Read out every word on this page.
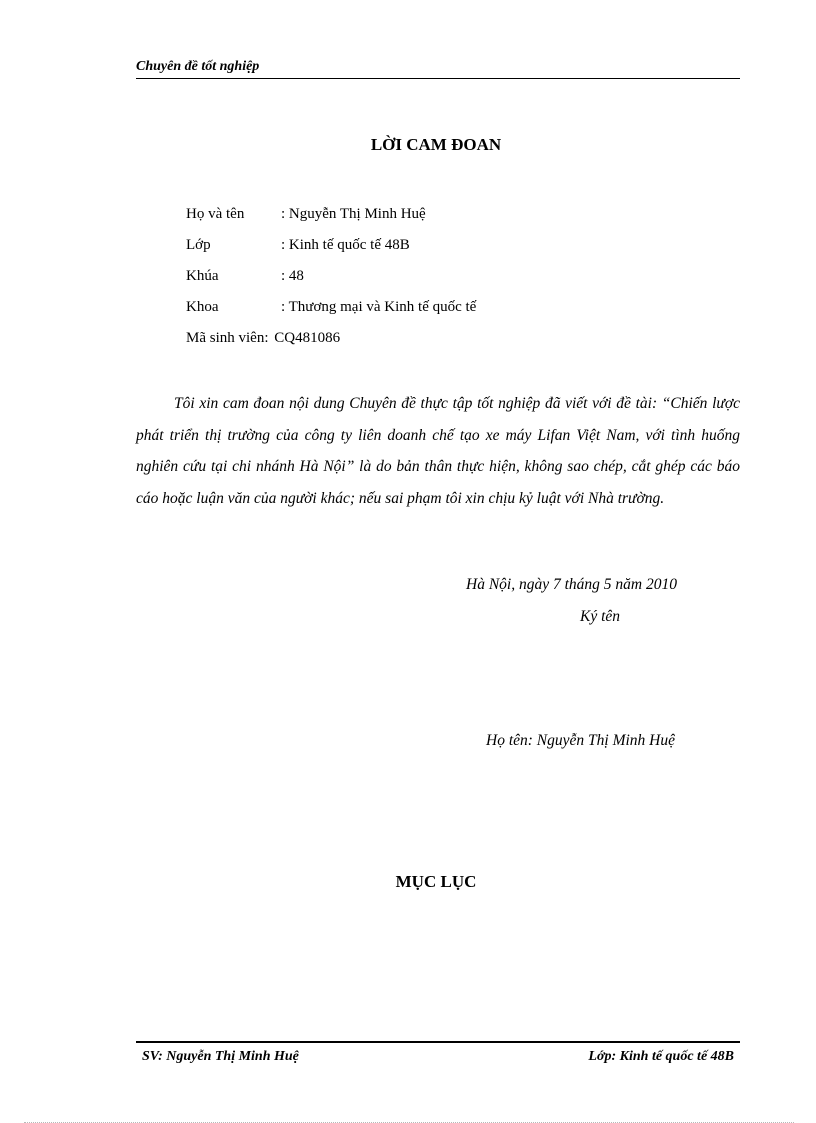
Chuyên đề tốt nghiệp
LỜI CAM ĐOAN
Họ và tên : Nguyễn Thị Minh Huệ
Lớp	: Kinh tế quốc tế 48B
Khúa	: 48
Khoa	: Thương mại và Kinh tế quốc tế
Mã sinh viên: CQ481086

Tôi xin cam đoan nội dung Chuyên đề thực tập tốt nghiệp đã viết với đề tài: “Chiến lược phát triển thị trường của công ty liên doanh chế tạo xe máy Lifan Việt Nam, với tình huống nghiên cứu tại chi nhánh Hà Nội” là do bản thân thực hiện, không sao chép, cắt ghép các báo cáo hoặc luận văn của người khác; nếu sai phạm tôi xin chịu kỷ luật với Nhà trường.

Hà Nội, ngày 7 tháng 5 năm 2010
Ký tên
Họ tên: Nguyễn Thị Minh Huệ
MỤC LỤC
SV: Nguyễn Thị Minh Huệ	Lớp: Kinh tế quốc tế 48B
